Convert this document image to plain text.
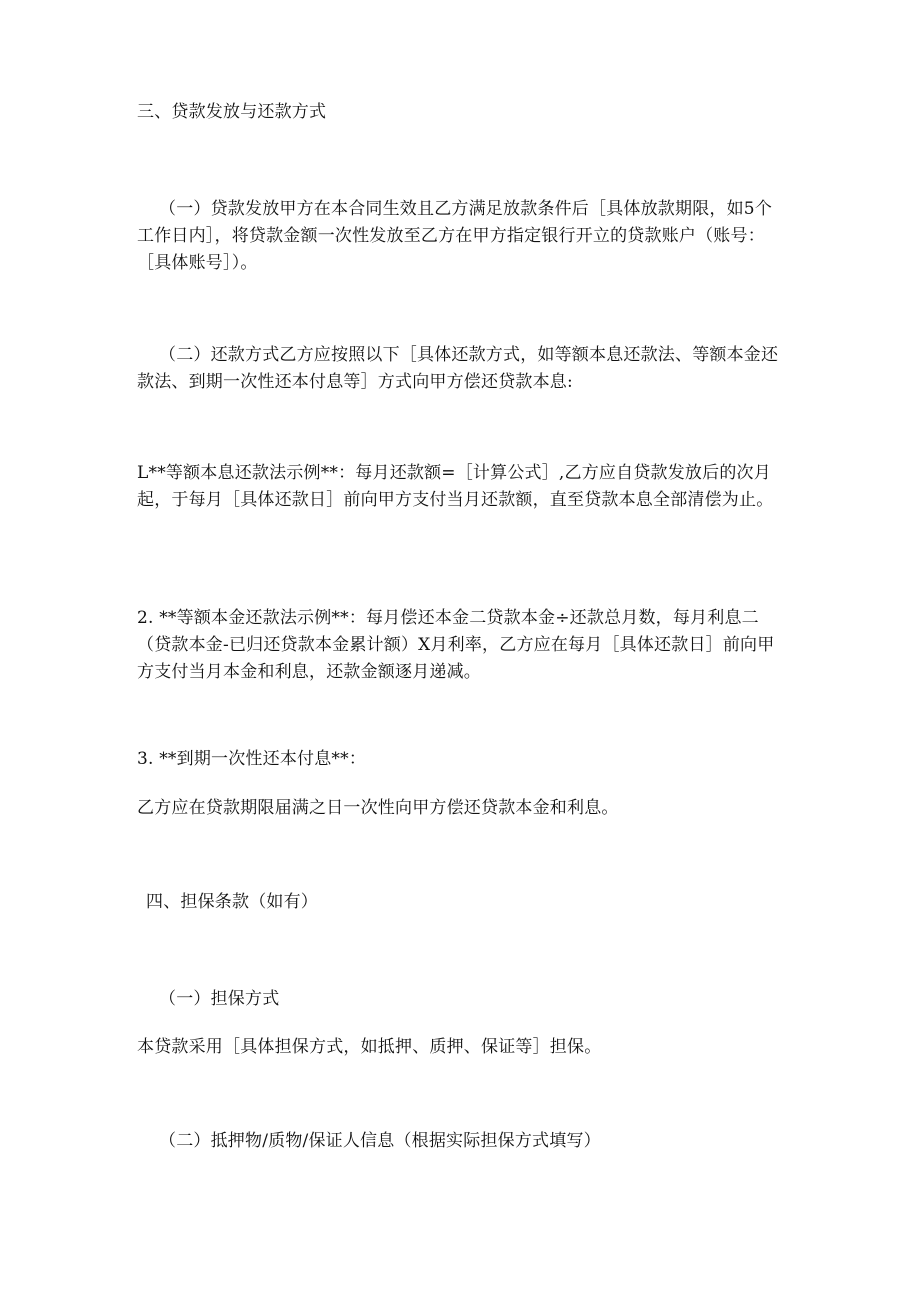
三、贷款发放与还款方式

（一）贷款发放甲方在本合同生效且乙方满足放款条件后［具体放款期限，如5个工作日内］，将贷款金额一次性发放至乙方在甲方指定银行开立的贷款账户（账号：［具体账号］）。

（二）还款方式乙方应按照以下［具体还款方式，如等额本息还款法、等额本金还款法、到期一次性还本付息等］方式向甲方偿还贷款本息:

L**等额本息还款法示例**：每月还款额=［计算公式］,乙方应自贷款发放后的次月起，于每月［具体还款日］前向甲方支付当月还款额，直至贷款本息全部清偿为止。

2. **等额本金还款法示例**：每月偿还本金二贷款本金÷还款总月数，每月利息二（贷款本金-已归还贷款本金累计额）X月利率，乙方应在每月［具体还款日］前向甲方支付当月本金和利息，还款金额逐月递减。

3. **到期一次性还本付息**：

乙方应在贷款期限届满之日一次性向甲方偿还贷款本金和利息。

四、担保条款（如有）

（一）担保方式

本贷款采用［具体担保方式，如抵押、质押、保证等］担保。

（二）抵押物/质物/保证人信息（根据实际担保方式填写）
